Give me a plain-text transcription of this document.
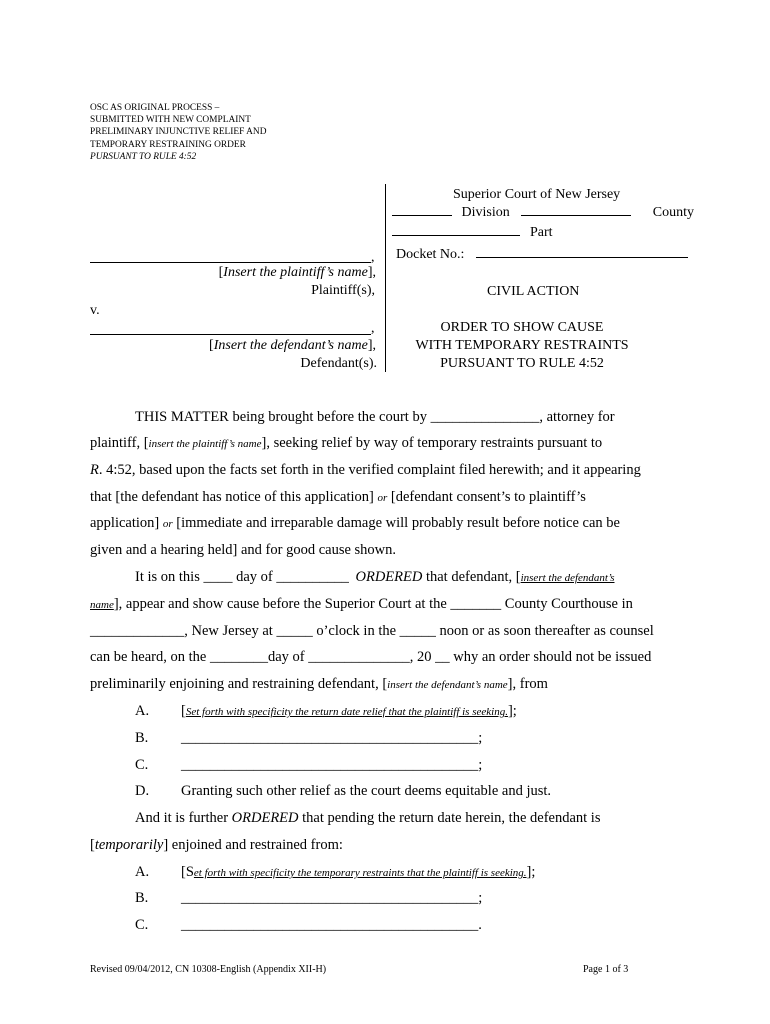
OSC AS ORIGINAL PROCESS –
SUBMITTED WITH NEW COMPLAINT
PRELIMINARY INJUNCTIVE RELIEF AND
TEMPORARY RESTRAINING ORDER
PURSUANT TO RULE 4:52
,
[Insert the plaintiff’s name],
Plaintiff(s),
v.
,
[Insert the defendant’s name],
Defendant(s).
Superior Court of New Jersey
Division	County
Part
Docket No.:
CIVIL ACTION
ORDER TO SHOW CAUSE
WITH TEMPORARY RESTRAINTS
PURSUANT TO RULE 4:52
THIS MATTER being brought before the court by _______________, attorney for
plaintiff, [insert the plaintiff’s name], seeking relief by way of temporary restraints pursuant to
R. 4:52, based upon the facts set forth in the verified complaint filed herewith; and it appearing
that [the defendant has notice of this application] or [defendant consent’s to plaintiff’s
application] or [immediate and irreparable damage will probably result before notice can be
given and a hearing held] and for good cause shown.
It is on this ____ day of __________ ORDERED that defendant, [insert the defendant’s
name], appear and show cause before the Superior Court at the _______ County Courthouse in
_____________, New Jersey at _____ o’clock in the _____ noon or as soon thereafter as counsel
can be heard, on the ________day of ______________, 20 __ why an order should not be issued
preliminarily enjoining and restraining defendant, [insert the defendant’s name], from
A. [Set forth with specificity the return date relief that the plaintiff is seeking.];
B. _________________________________________;
C. _________________________________________;
D. Granting such other relief as the court deems equitable and just.
And it is further ORDERED that pending the return date herein, the defendant is
[temporarily] enjoined and restrained from:
A. [Set forth with specificity the temporary restraints that the plaintiff is seeking.];
B. _________________________________________;
C. _________________________________________.
Revised 09/04/2012, CN 10308-English (Appendix XII-H)	Page 1 of 3
